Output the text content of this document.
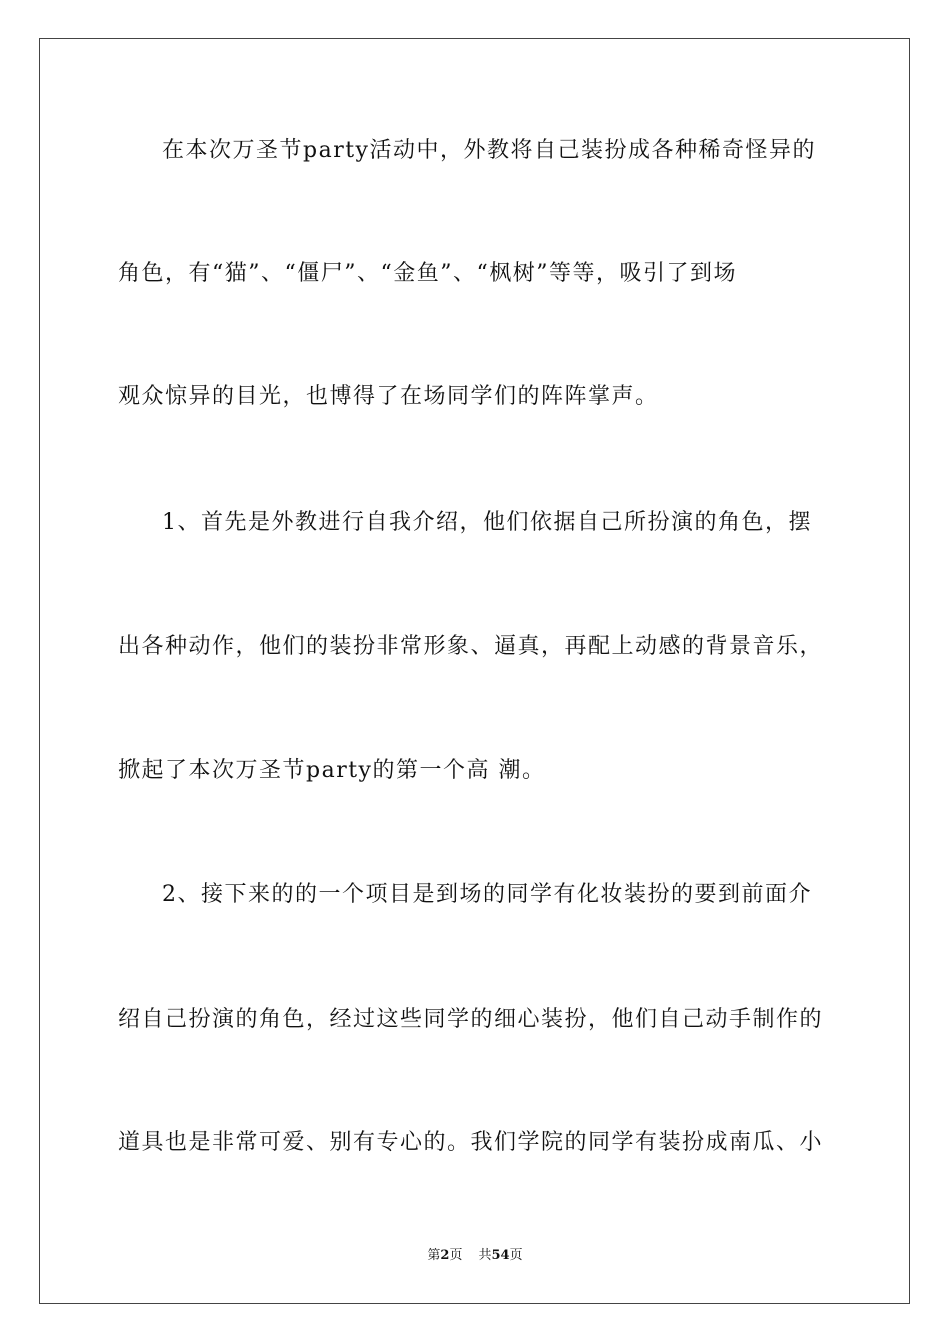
在本次万圣节party活动中，外教将自己装扮成各种稀奇怪异的
角色，有“猫”、“僵尸”、“金鱼”、“枫树”等等，吸引了到场
观众惊异的目光，也博得了在场同学们的阵阵掌声。
1、首先是外教进行自我介绍，他们依据自己所扮演的角色，摆
出各种动作，他们的装扮非常形象、逼真，再配上动感的背景音乐，
掀起了本次万圣节party的第一个高 潮。
2、接下来的的一个项目是到场的同学有化妆装扮的要到前面介
绍自己扮演的角色，经过这些同学的细心装扮，他们自己动手制作的
道具也是非常可爱、别有专心的。我们学院的同学有装扮成南瓜、小
第2页 共54页
